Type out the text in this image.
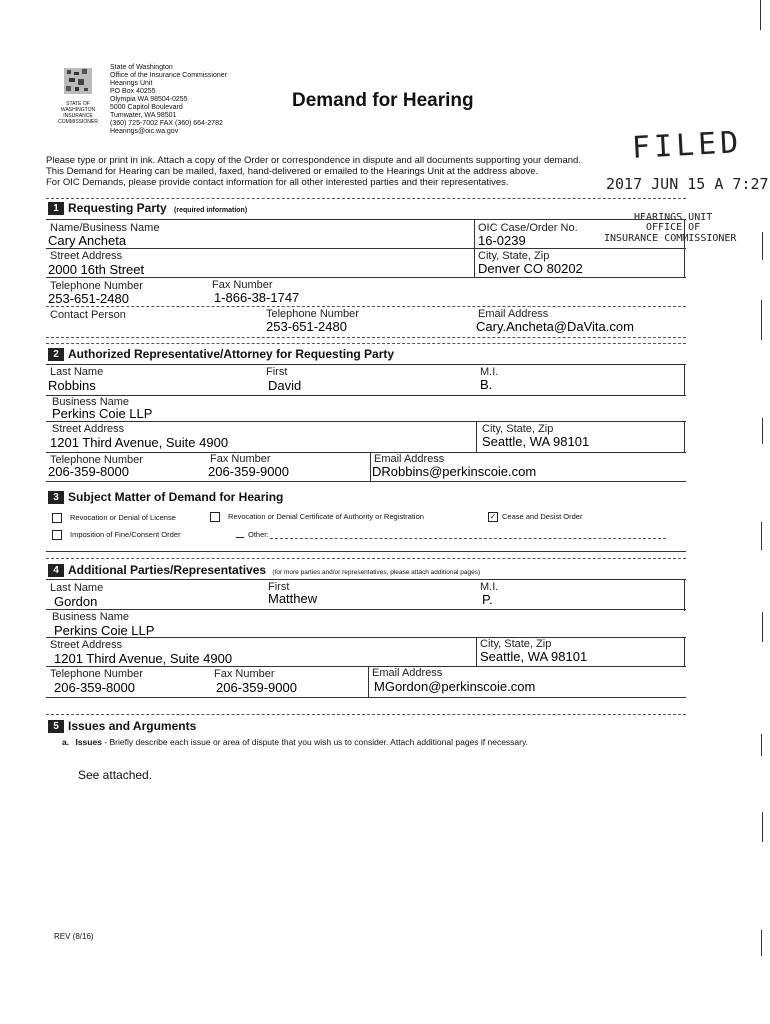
STATE OF
WASHINGTON
INSURANCE
COMMISSIONER
State of Washington
Office of the Insurance Commissioner
Hearings Unit
PO Box 40255
Olympia WA 98504-0255
5000 Capitol Boulevard
Tumwater, WA 98501
(360) 725-7002 FAX (360) 664-2782
Hearings@oic.wa.gov
Demand for Hearing
FILED
2017 JUN 15 A 7:27
HEARINGS UNIT
OFFICE OF
INSURANCE COMMISSIONER
Please type or print in ink. Attach a copy of the Order or correspondence in dispute and all documents supporting your demand.
This Demand for Hearing can be mailed, faxed, hand-delivered or emailed to the Hearings Unit at the address above.
For OIC Demands, please provide contact information for all other interested parties and their representatives.
1 Requesting Party (required information)
Name/Business Name
Cary Ancheta
OIC Case/Order No.
16-0239
Street Address
2000 16th Street
City, State, Zip
Denver CO 80202
Telephone Number
253-651-2480
Fax Number
1-866-38-1747
Contact Person	Telephone Number
253-651-2480
Email Address
Cary.Ancheta@DaVita.com
2 Authorized Representative/Attorney for Requesting Party
Last Name
Robbins
First
David
M.I.
B.
Business Name
Perkins Coie LLP
Street Address
1201 Third Avenue, Suite 4900
City, State, Zip
Seattle, WA 98101
Telephone Number
206-359-8000
Fax Number
206-359-9000
Email Address
DRobbins@perkinscoie.com
3 Subject Matter of Demand for Hearing
Revocation or Denial of License	Revocation or Denial Certificate of Authority or Registration	✓ Cease and Desist Order
Imposition of Fine/Consent Order	Other:
4 Additional Parties/Representatives (for more parties and/or representatives, please attach additional pages)
Last Name
Gordon
First
Matthew
M.I.
P.
Business Name
Perkins Coie LLP
Street Address
1201 Third Avenue, Suite 4900
City, State, Zip
Seattle, WA 98101
Telephone Number
206-359-8000
Fax Number
206-359-9000
Email Address
MGordon@perkinscoie.com
5 Issues and Arguments
a. Issues - Briefly describe each issue or area of dispute that you wish us to consider. Attach additional pages if necessary.
See attached.
REV (8/16)
